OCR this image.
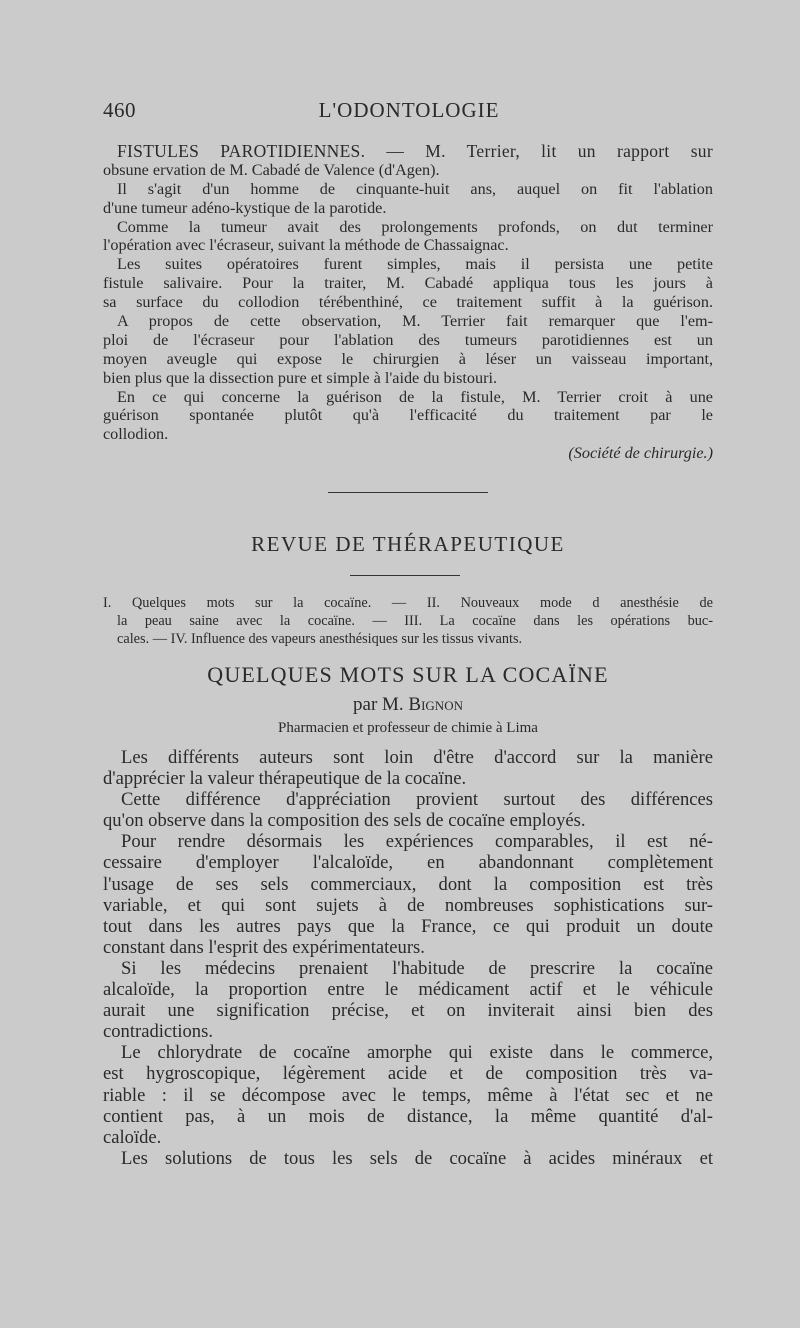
460	L'ODONTOLOGIE
FISTULES PAROTIDIENNES. — M. Terrier, lit un rapport sur
obsune ervation de M. Cabadé de Valence (d'Agen).
Il s'agit d'un homme de cinquante-huit ans, auquel on fit l'ablation
d'une tumeur adéno-kystique de la parotide.
Comme la tumeur avait des prolongements profonds, on dut terminer
l'opération avec l'écraseur, suivant la méthode de Chassaignac.
Les suites opératoires furent simples, mais il persista une petite
fistule salivaire. Pour la traiter, M. Cabadé appliqua tous les jours à
sa surface du collodion térébenthiné, ce traitement suffit à la guérison.
A propos de cette observation, M. Terrier fait remarquer que l'em-
ploi de l'écraseur pour l'ablation des tumeurs parotidiennes est un
moyen aveugle qui expose le chirurgien à léser un vaisseau important,
bien plus que la dissection pure et simple à l'aide du bistouri.
En ce qui concerne la guérison de la fistule, M. Terrier croit à une
guérison spontanée plutôt qu'à l'efficacité du traitement par le
collodion.
(Société de chirurgie.)
REVUE DE THÉRAPEUTIQUE
I. Quelques mots sur la cocaïne. — II. Nouveaux mode d anesthésie de
la peau saine avec la cocaïne. — III. La cocaïne dans les opérations buc-
cales. — IV. Influence des vapeurs anesthésiques sur les tissus vivants.
QUELQUES MOTS SUR LA COCAÏNE
par M. Bignon
Pharmacien et professeur de chimie à Lima
Les différents auteurs sont loin d'être d'accord sur la manière
d'apprécier la valeur thérapeutique de la cocaïne.
Cette différence d'appréciation provient surtout des différences
qu'on observe dans la composition des sels de cocaïne employés.
Pour rendre désormais les expériences comparables, il est né-
cessaire d'employer l'alcaloïde, en abandonnant complètement
l'usage de ses sels commerciaux, dont la composition est très
variable, et qui sont sujets à de nombreuses sophistications sur-
tout dans les autres pays que la France, ce qui produit un doute
constant dans l'esprit des expérimentateurs.
Si les médecins prenaient l'habitude de prescrire la cocaïne
alcaloïde, la proportion entre le médicament actif et le véhicule
aurait une signification précise, et on inviterait ainsi bien des
contradictions.
Le chlorydrate de cocaïne amorphe qui existe dans le commerce,
est hygroscopique, légèrement acide et de composition très va-
riable : il se décompose avec le temps, même à l'état sec et ne
contient pas, à un mois de distance, la même quantité d'al-
caloïde.
Les solutions de tous les sels de cocaïne à acides minéraux et
